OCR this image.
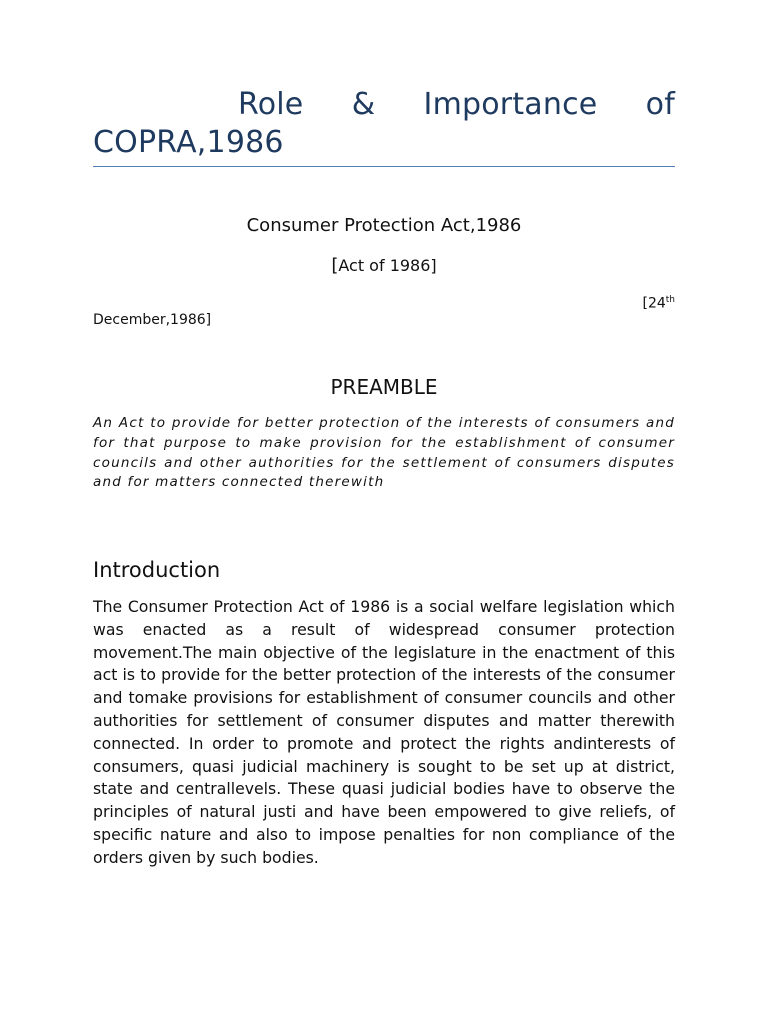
Role & Importance of
COPRA,1986
Consumer Protection Act,1986
[Act of 1986]
[24th
December,1986]
PREAMBLE
An Act to provide for better protection of the interests of consumers and for that purpose to make provision for the establishment of consumer councils and other authorities for the settlement of consumers disputes and for matters connected therewith
Introduction
The Consumer Protection Act of 1986 is a social welfare legislation which was enacted as a result of widespread consumer protection movement.The main objective of the legislature in the enactment of this act is to provide for the better protection of the interests of the consumer and tomake provisions for establishment of consumer councils and other authorities for settlement of consumer disputes and matter therewith connected. In order to promote and protect the rights andinterests of consumers, quasi judicial machinery is sought to be set up at district, state and centrallevels. These quasi judicial bodies have to observe the principles of natural justi and have been empowered to give reliefs, of specific nature and also to impose penalties for non compliance of the orders given by such bodies.
